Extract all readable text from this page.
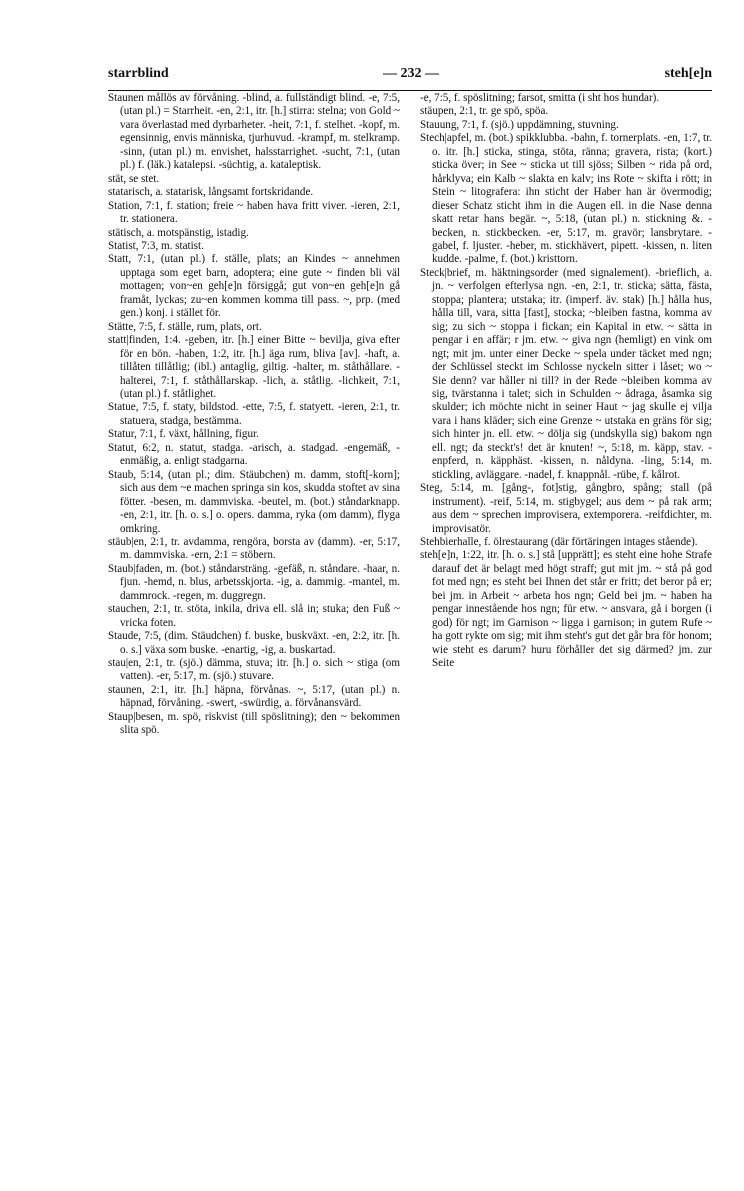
starrblind	— 232 —	steh[e]n

Staunen mållös av förvåning. -blind, a. fullständigt blind. -e, 7:5, (utan pl.) = Starrheit. -en, 2:1, itr. [h.] stirra: stelna; von Gold ~ vara överlastad med dyrbarheter. -heit, 7:1, f. stelhet. -kopf, m. egensinnig, envis människa, tjurhuvud. -krampf, m. stelkramp. -sinn, (utan pl.) m. envishet, halsstarrighet. -sucht, 7:1, (utan pl.) f. (läk.) katalepsi. -süchtig, a. kataleptisk.

stät, se stet.

statarisch, a. statarisk, långsamt fortskridande.

Station, 7:1, f. station; freie ~ haben hava fritt viver. -ieren, 2:1, tr. stationera.

stätisch, a. motspänstig, istadig.

Statist, 7:3, m. statist.

Statt, 7:1, (utan pl.) f. ställe, plats; an Kindes ~ annehmen upptaga som eget barn, adoptera; eine gute ~ finden bli väl mottagen; von~en geh[e]n försiggå; gut von~en geh[e]n gå framåt, lyckas; zu~en kommen komma till pass. ~, prp. (med gen.) konj. i stället för.

Stätte, 7:5, f. ställe, rum, plats, ort.

statt|finden, 1:4. -geben, itr. [h.] einer Bitte ~ bevilja, giva efter för en bön. -haben, 1:2, itr. [h.] äga rum, bliva [av]. -haft, a. tillåten tillåtlig; (ibl.) antaglig, giltig. -halter, m. ståthållare. -halterei, 7:1, f. ståthållarskap. -lich, a. ståtlig. -lichkeit, 7:1, (utan pl.) f. ståtlighet.

Statue, 7:5, f. staty, bildstod. -ette, 7:5, f. statyett. -ieren, 2:1, tr. statuera, stadga, bestämma.

Statur, 7:1, f. växt, hållning, figur.

Statut, 6:2, n. statut, stadga. -arisch, a. stadgad. -engemäß, -enmäßig, a. enligt stadgarna.

Staub, 5:14, (utan pl.; dim. Stäubchen) m. damm, stoft[-korn]; sich aus dem ~e machen springa sin kos, skudda stoftet av sina fötter. -besen, m. dammviska. -beutel, m. (bot.) ståndarknapp. -en, 2:1, itr. [h. o. s.] o. opers. damma, ryka (om damm), flyga omkring.

stäub|en, 2:1, tr. avdamma, rengöra, borsta av (damm). -er, 5:17, m. dammviska. -ern, 2:1 = stöbern.

Staub|faden, m. (bot.) ståndarsträng. -gefäß, n. ståndare. -haar, n. fjun. -hemd, n. blus, arbetsskjorta. -ig, a. dammig. -mantel, m. dammrock. -regen, m. duggregn.

stauchen, 2:1, tr. stöta, inkila, driva ell. slå in; stuka; den Fuß ~ vricka foten.

Staude, 7:5, (dim. Stäudchen) f. buske, buskväxt. -en, 2:2, itr. [h. o. s.] växa som buske. -enartig, -ig, a. buskartad.

stau|en, 2:1, tr. (sjö.) dämma, stuva; itr. [h.] o. sich ~ stiga (om vatten). -er, 5:17, m. (sjö.) stuvare.

staunen, 2:1, itr. [h.] häpna, förvånas. ~, 5:17, (utan pl.) n. häpnad, förvåning. -swert, -swürdig, a. förvånansvärd.

Staup|besen, m. spö, riskvist (till spöslitning); den ~ bekommen slita spö.

-e, 7:5, f. spöslitning; farsot, smitta (i sht hos hundar).

stäupen, 2:1, tr. ge spö, spöa.

Stauung, 7:1, f. (sjö.) uppdämning, stuvning.

Stech|apfel, m. (bot.) spikklubba. -bahn, f. tornerplats. -en, 1:7, tr. o. itr. [h.] sticka, stinga, stöta, ränna; gravera, rista; (kort.) sticka över; in See ~ sticka ut till sjöss; Silben ~ rida på ord, hårklyva; ein Kalb ~ slakta en kalv; ins Rote ~ skifta i rött; in Stein ~ litografera: ihn sticht der Haber han är övermodig; dieser Schatz sticht ihm in die Augen ell. in die Nase denna skatt retar hans begär. ~, 5:18, (utan pl.) n. stickning &. -becken, n. stickbecken. -er, 5:17, m. gravör; lansbrytare. -gabel, f. ljuster. -heber, m. stickhävert, pipett. -kissen, n. liten kudde. -palme, f. (bot.) kristtorn.

Steck|brief, m. häktningsorder (med signalement). -brieflich, a. jn. ~ verfolgen efterlysa ngn. -en, 2:1, tr. sticka; sätta, fästa, stoppa; plantera; utstaka; itr. (imperf. äv. stak) [h.] hålla hus, hålla till, vara, sitta [fast], stocka; ~bleiben fastna, komma av sig; zu sich ~ stoppa i fickan; ein Kapital in etw. ~ sätta in pengar i en affär; r jm. etw. ~ giva ngn (hemligt) en vink om ngt; mit jm. unter einer Decke ~ spela under täcket med ngn; der Schlüssel steckt im Schlosse nyckeln sitter i låset; wo ~ Sie denn? var håller ni till? in der Rede ~bleiben komma av sig, tvärstanna i talet; sich in Schulden ~ ådraga, åsamka sig skulder; ich möchte nicht in seiner Haut ~ jag skulle ej vilja vara i hans kläder; sich eine Grenze ~ utstaka en gräns för sig; sich hinter jn. ell. etw. ~ dölja sig (undskylla sig) bakom ngn ell. ngt; da steckt's! det är knuten! ~, 5:18, m. käpp, stav. -enpferd, n. käpphäst. -kissen, n. nåldyna. -ling, 5:14, m. stickling, avläggare. -nadel, f. knappnål. -rübe, f. kålrot.

Steg, 5:14, m. [gång-, fot]stig, gångbro, spång; stall (på instrument). -reif, 5:14, m. stigbygel; aus dem ~ på rak arm; aus dem ~ sprechen improvisera, extemporera. -reifdichter, m. improvisatör.

Stehbierhalle, f. ölrestaurang (där förtäringen intages stående).

steh[e]n, 1:22, itr. [h. o. s.] stå [upprätt]; es steht eine hohe Strafe darauf det är belagt med högt straff; gut mit jm. ~ stå på god fot med ngn; es steht bei Ihnen det står er fritt; det beror på er; bei jm. in Arbeit ~ arbeta hos ngn; Geld bei jm. ~ haben ha pengar innestående hos ngn; für etw. ~ ansvara, gå i borgen (i god) för ngt; im Garnison ~ ligga i garnison; in gutem Rufe ~ ha gott rykte om sig; mit ihm steht's gut det går bra för honom; wie steht es darum? huru förhåller det sig därmed? jm. zur Seite
